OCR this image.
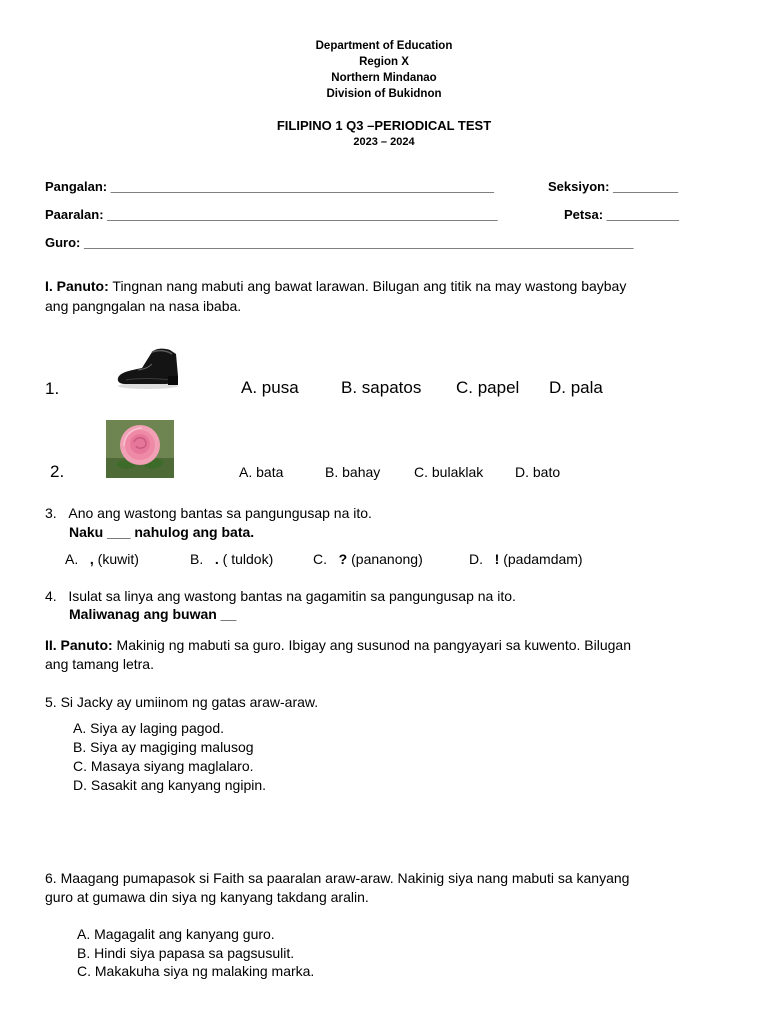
Department of Education
Region X
Northern Mindanao
Division of Bukidnon
FILIPINO 1 Q3 –PERIODICAL TEST
2023 – 2024
Pangalan: _____________________________________________________	Seksiyon: _________
Paaralan: ______________________________________________________	Petsa: __________
Guro: ____________________________________________________________________________
I. Panuto: Tingnan nang mabuti ang bawat larawan. Bilugan ang titik na may wastong baybay
ang pangngalan na nasa ibaba.
1.	A. pusa B. sapatos C. papel D. pala
2.	A. bata	B. bahay C. bulaklak D. bato
3. Ano ang wastong bantas sa pangungusap na ito.
Naku ___ nahulog ang bata.
A. , (kuwit)	B. . ( tuldok)	C. ? (pananong)	D. ! (padamdam)
4. Isulat sa linya ang wastong bantas na gagamitin sa pangungusap na ito.
Maliwanag ang buwan __
II. Panuto: Makinig ng mabuti sa guro. Ibigay ang susunod na pangyayari sa kuwento. Bilugan
ang tamang letra.
5. Si Jacky ay umiinom ng gatas araw-araw.
A. Siya ay laging pagod.
B. Siya ay magiging malusog
C. Masaya siyang maglalaro.
D. Sasakit ang kanyang ngipin.
6. Maagang pumapasok si Faith sa paaralan araw-araw. Nakinig siya nang mabuti sa kanyang
guro at gumawa din siya ng kanyang takdang aralin.
A. Magagalit ang kanyang guro.
B. Hindi siya papasa sa pagsusulit.
C. Makakuha siya ng malaking marka.
